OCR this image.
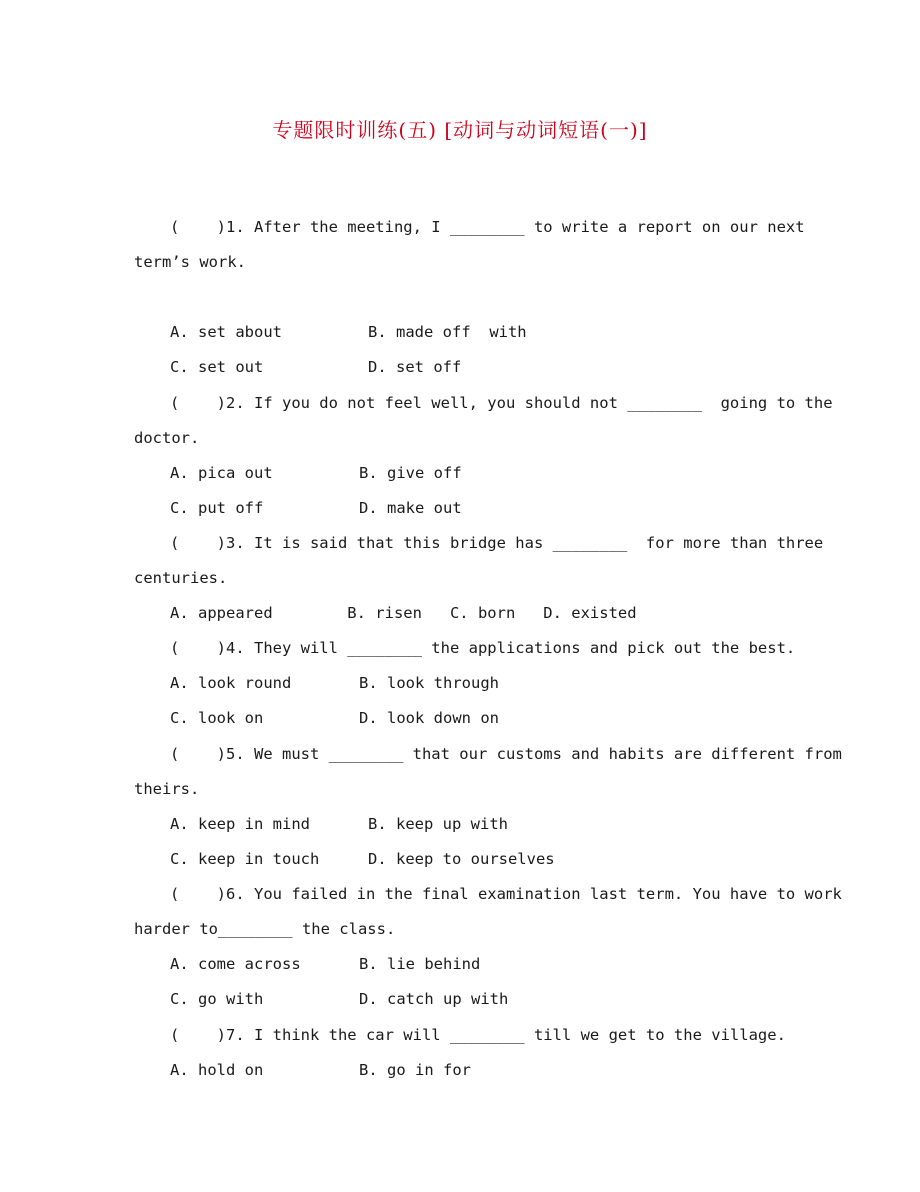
专题限时训练(五) [动词与动词短语(一)]
(    )1. After the meeting, I ________ to write a report on our next
term’s work.
A. set about	B. made off  with
C. set out	D. set off
(    )2. If you do not feel well, you should not ________  going to the
doctor.
A. pica out	B. give off
C. put off	D. make out
(    )3. It is said that this bridge has ________  for more than three
centuries.
A. appeared        B. risen   C. born   D. existed
(    )4. They will ________ the applications and pick out the best.
A. look round	B. look through
C. look on	D. look down on
(    )5. We must ________ that our customs and habits are different from
theirs.
A. keep in mind	B. keep up with
C. keep in touch	D. keep to ourselves
(    )6. You failed in the final examination last term. You have to work
harder to________ the class.
A. come across	B. lie behind
C. go with	D. catch up with
(    )7. I think the car will ________ till we get to the village.
A. hold on	B. go in for
